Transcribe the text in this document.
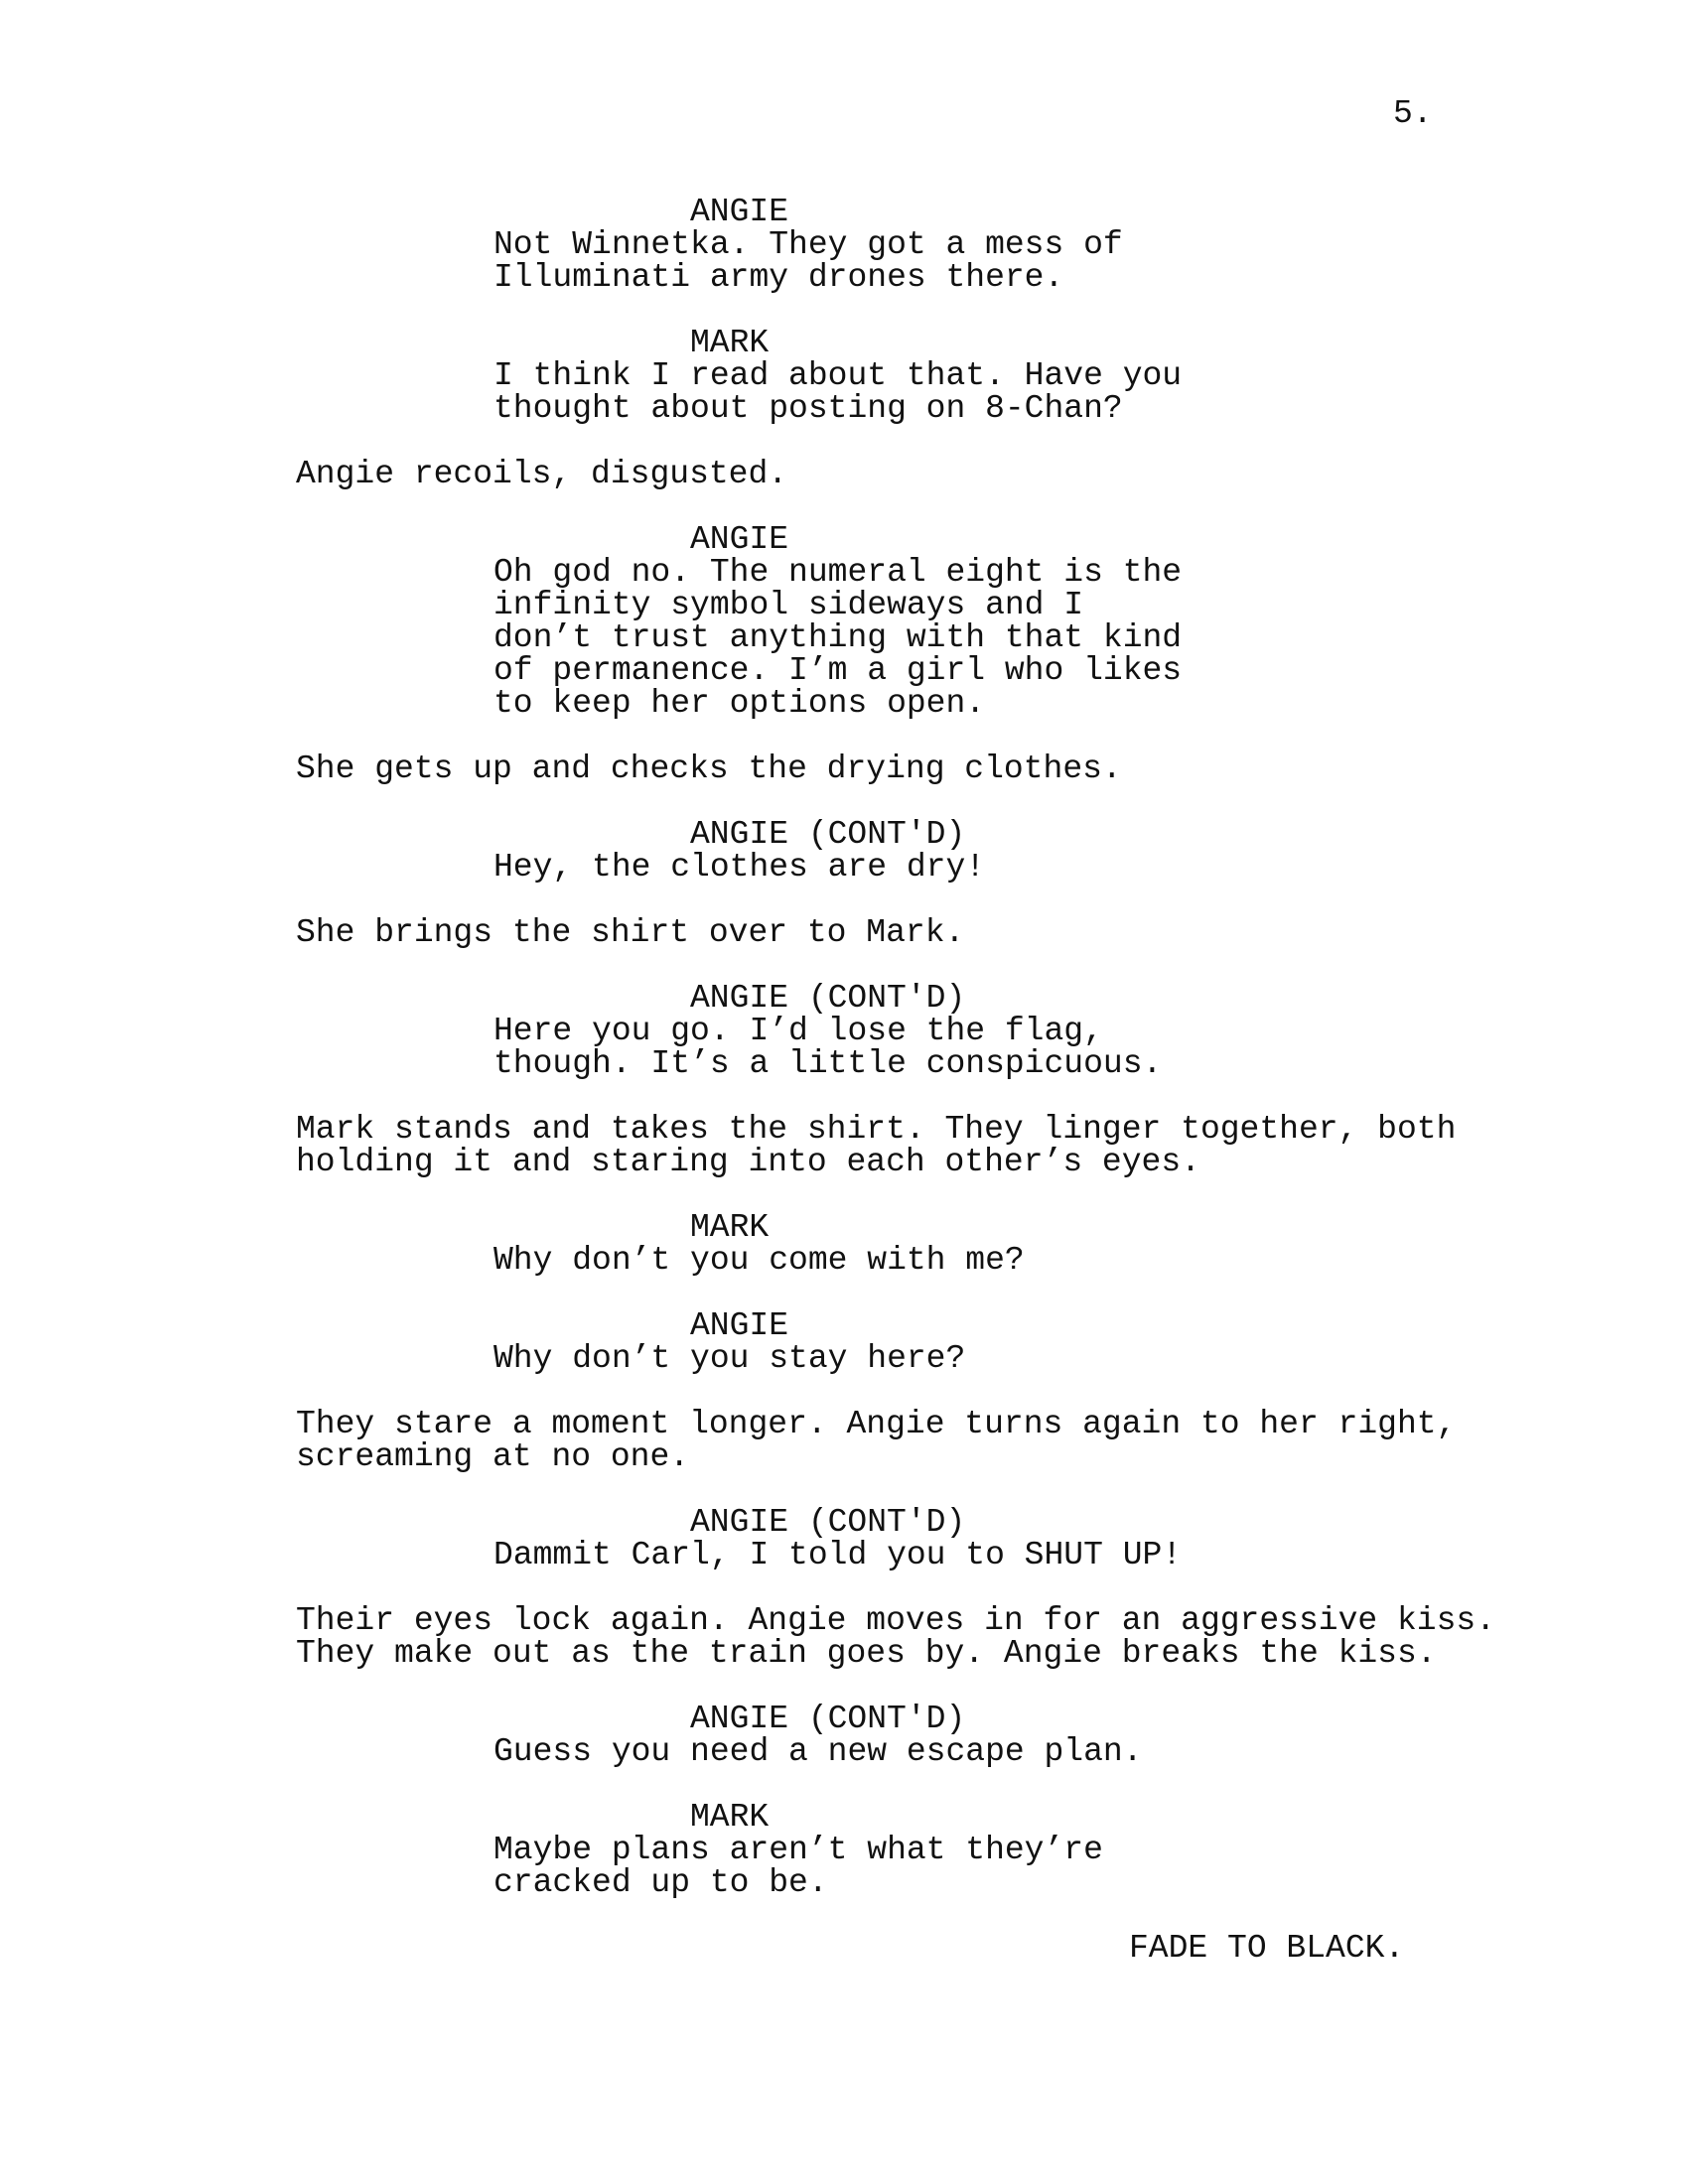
5.
ANGIE
Not Winnetka. They got a mess of
Illuminati army drones there.
MARK
I think I read about that. Have you
thought about posting on 8-Chan?
Angie recoils, disgusted.
ANGIE
Oh god no. The numeral eight is the
infinity symbol sideways and I
don’t trust anything with that kind
of permanence. I’m a girl who likes
to keep her options open.
She gets up and checks the drying clothes.
ANGIE (CONT'D)
Hey, the clothes are dry!
She brings the shirt over to Mark.
ANGIE (CONT'D)
Here you go. I’d lose the flag,
though. It’s a little conspicuous.
Mark stands and takes the shirt. They linger together, both
holding it and staring into each other’s eyes.
MARK
Why don’t you come with me?
ANGIE
Why don’t you stay here?
They stare a moment longer. Angie turns again to her right,
screaming at no one.
ANGIE (CONT'D)
Dammit Carl, I told you to SHUT UP!
Their eyes lock again. Angie moves in for an aggressive kiss.
They make out as the train goes by. Angie breaks the kiss.
ANGIE (CONT'D)
Guess you need a new escape plan.
MARK
Maybe plans aren’t what they’re
cracked up to be.
FADE TO BLACK.
